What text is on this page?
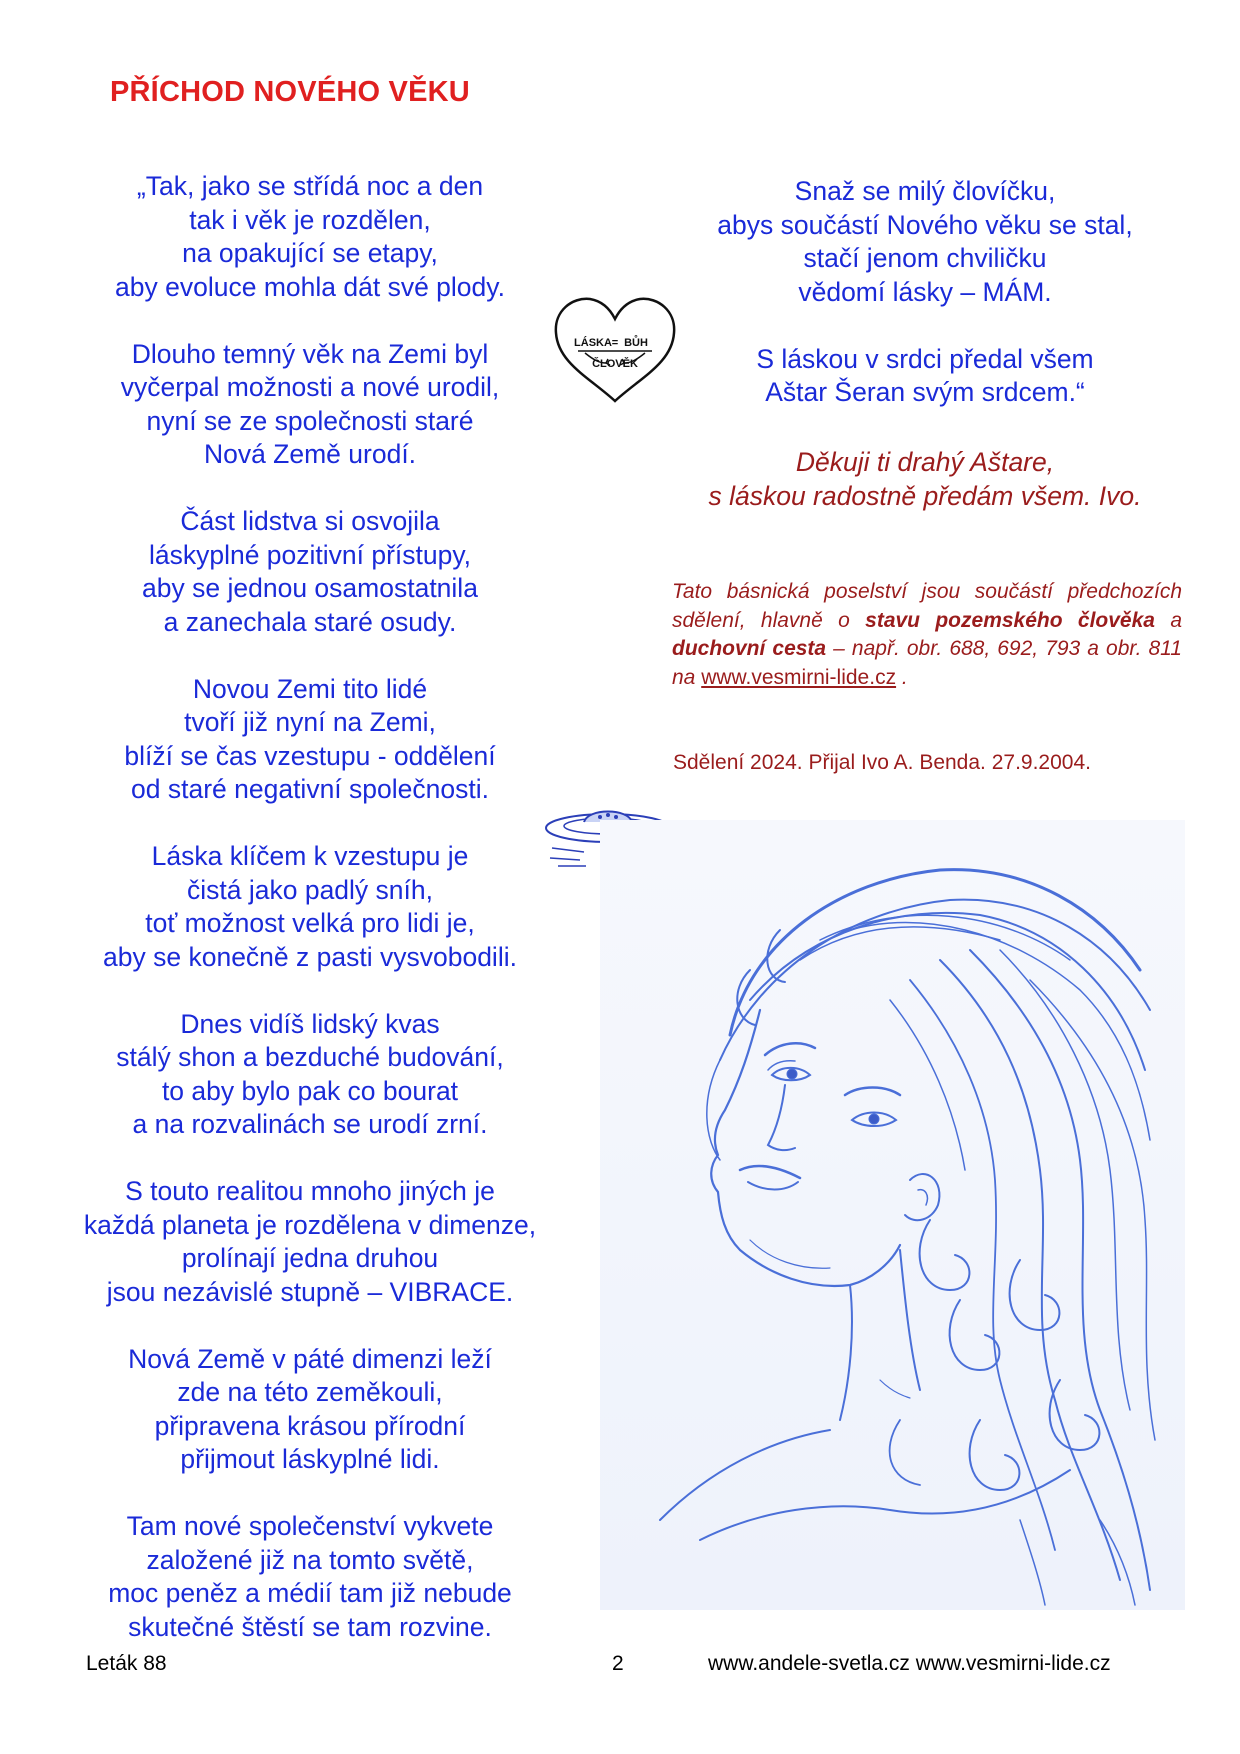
PŘÍCHOD NOVÉHO VĚKU
„Tak, jako se střídá noc a den
tak i věk je rozdělen,
na opakující se etapy,
aby evoluce mohla dát své plody.
Dlouho temný věk na Zemi byl
vyčerpal možnosti a nové urodil,
nyní se ze společnosti staré
Nová Země urodí.
Část lidstva si osvojila
láskyplné pozitivní přístupy,
aby se jednou osamostatnila
a zanechala staré osudy.
Novou Zemi tito lidé
tvoří již nyní na Zemi,
blíží se čas vzestupu - oddělení
od staré negativní společnosti.
Láska klíčem k vzestupu je
čistá jako padlý sníh,
toť možnost velká pro lidi je,
aby se konečně z pasti vysvobodili.
Dnes vidíš lidský kvas
stálý shon a bezduché budování,
to aby bylo pak co bourat
a na rozvalinách se urodí zrní.
S touto realitou mnoho jiných je
každá planeta je rozdělena v dimenze,
prolínají jedna druhou
jsou nezávislé stupně – VIBRACE.
Nová Země v páté dimenzi leží
zde na této zeměkouli,
připravena krásou přírodní
přijmout láskyplné lidi.
Tam nové společenství vykvete
založené již na tomto světě,
moc peněz a médií tam již nebude
skutečné štěstí se tam rozvine.
LÁSKA = BŮH
ČLOVĚK
Snaž se milý človíčku,
abys součástí Nového věku se stal,
stačí jenom chviličku
vědomí lásky – MÁM.
S láskou v srdci předal všem
Aštar Šeran svým srdcem.“
Děkuji ti drahý Aštare,
s láskou radostně předám všem. Ivo.
Tato básnická poselství jsou součástí předchozích sdělení, hlavně o stavu pozemského člověka a duchovní cesta – např. obr. 688, 692, 793 a obr. 811 na www.vesmirni-lide.cz .
Sdělení 2024. Přijal Ivo A. Benda. 27.9.2004.
Leták 88	2	www.andele-svetla.cz www.vesmirni-lide.cz
